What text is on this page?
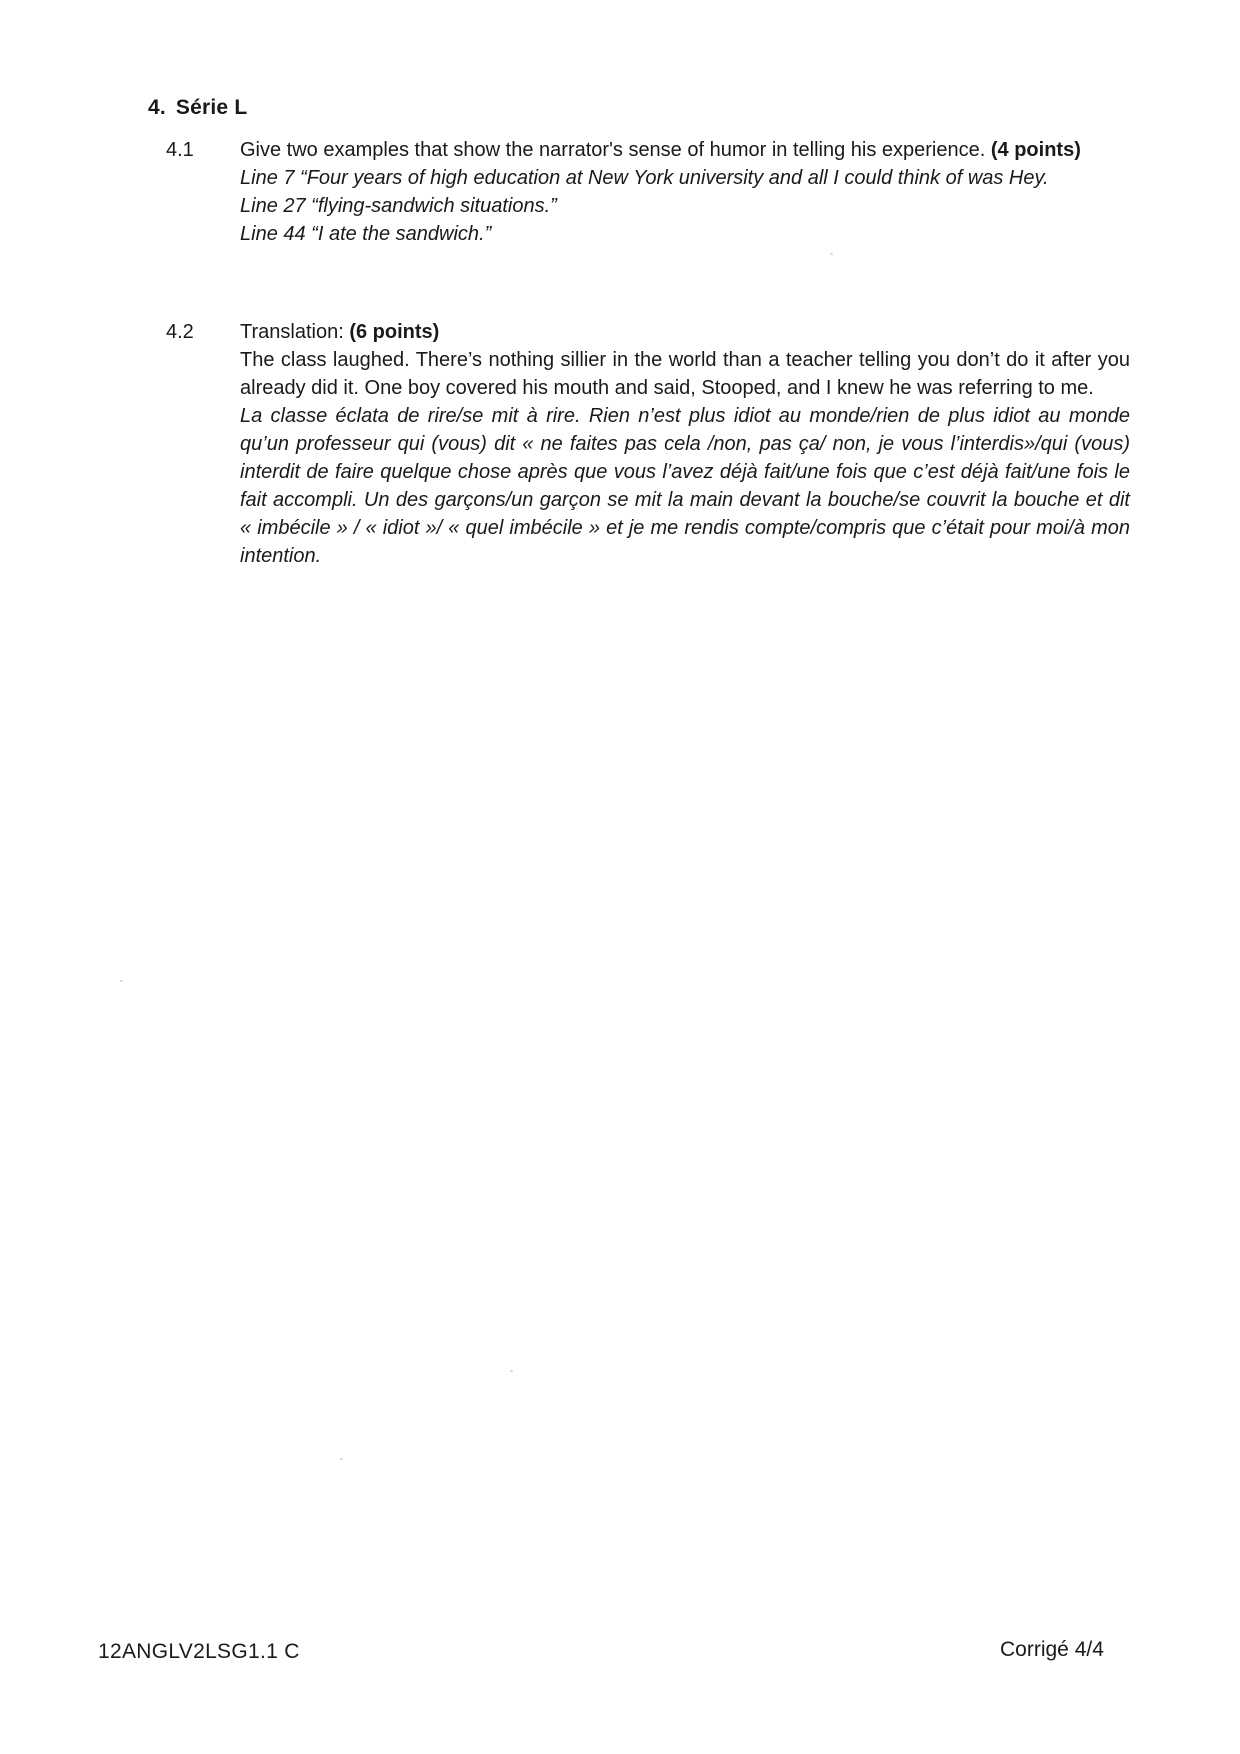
4. Série L
4.1 Give two examples that show the narrator's sense of humor in telling his experience. (4 points)

Line 7 “Four years of high education at New York university and all I could think of was Hey.

Line 27 “flying-sandwich situations.”

Line 44 “I ate the sandwich.”

4.2 Translation: (6 points)

The class laughed. There’s nothing sillier in the world than a teacher telling you don’t do it after you already did it. One boy covered his mouth and said, Stooped, and I knew he was referring to me.

La classe éclata de rire/se mit à rire. Rien n’est plus idiot au monde/rien de plus idiot au monde qu’un professeur qui (vous) dit « ne faites pas cela /non, pas ça/ non, je vous l’interdis»/qui (vous) interdit de faire quelque chose après que vous l’avez déjà fait/une fois que c’est déjà fait/une fois le fait accompli. Un des garçons/un garçon se mit la main devant la bouche/se couvrit la bouche et dit « imbécile » / « idiot »/ « quel imbécile » et je me rendis compte/compris que c’était pour moi/à mon intention.

12ANGLV2LSG1.1 C	Corrigé 4/4
